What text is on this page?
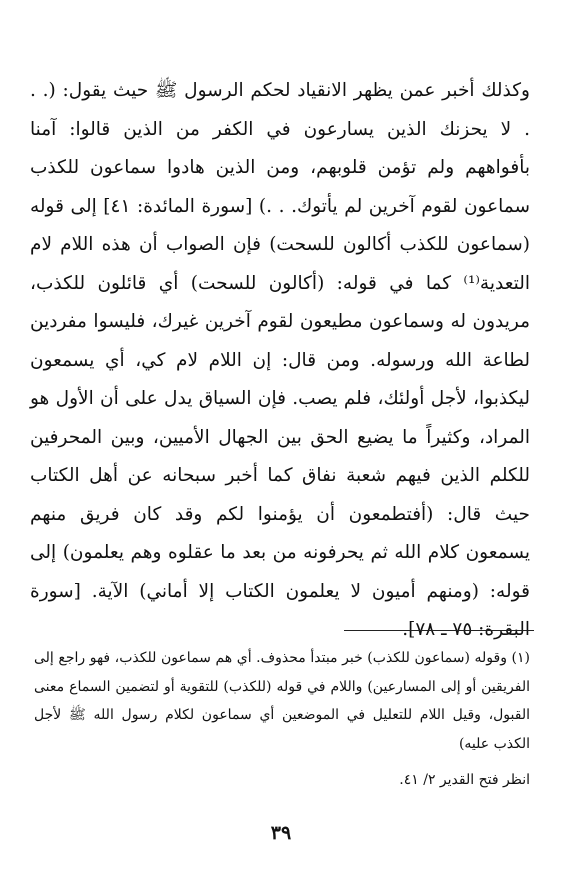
وكذلك أخبر عمن يظهر الانقياد لحكم الرسول ﷺ حيث يقول: (. . . لا يحزنك الذين يسارعون في الكفر من الذين قالوا: آمنا بأفواههم ولم تؤمن قلوبهم، ومن الذين هادوا سماعون للكذب سماعون لقوم آخرين لم يأتوك. . .) [سورة المائدة: ٤١] إلى قوله (سماعون للكذب أكالون للسحت) فإن الصواب أن هذه اللام لام التعدية⁽¹⁾ كما في قوله: (أكالون للسحت) أي قائلون للكذب، مريدون له وسماعون مطيعون لقوم آخرين غيرك، فليسوا مفردين لطاعة الله ورسوله. ومن قال: إن اللام لام كي، أي يسمعون ليكذبوا، لأجل أولئك، فلم يصب. فإن السياق يدل على أن الأول هو المراد، وكثيراً ما يضيع الحق بين الجهال الأميين، وبين المحرفين للكلم الذين فيهم شعبة نفاق كما أخبر سبحانه عن أهل الكتاب حيث قال: (أفتطمعون أن يؤمنوا لكم وقد كان فريق منهم يسمعون كلام الله ثم يحرفونه من بعد ما عقلوه وهم يعلمون) إلى قوله: (ومنهم أميون لا يعلمون الكتاب إلا أماني) الآية. [سورة البقرة: ٧٥ ـ ٧٨].

(١) وقوله (سماعون للكذب) خبر مبتدأ محذوف. أي هم سماعون للكذب، فهو راجع إلى الفريقين أو إلى المسارعين) واللام في قوله (للكذب) للتقوية أو لتضمين السماع معنى القبول، وقيل اللام للتعليل في الموضعين أي سماعون لكلام رسول الله ﷺ لأجل الكذب عليه)

انظر فتح القدير ٢/ ٤١.

٣٩
